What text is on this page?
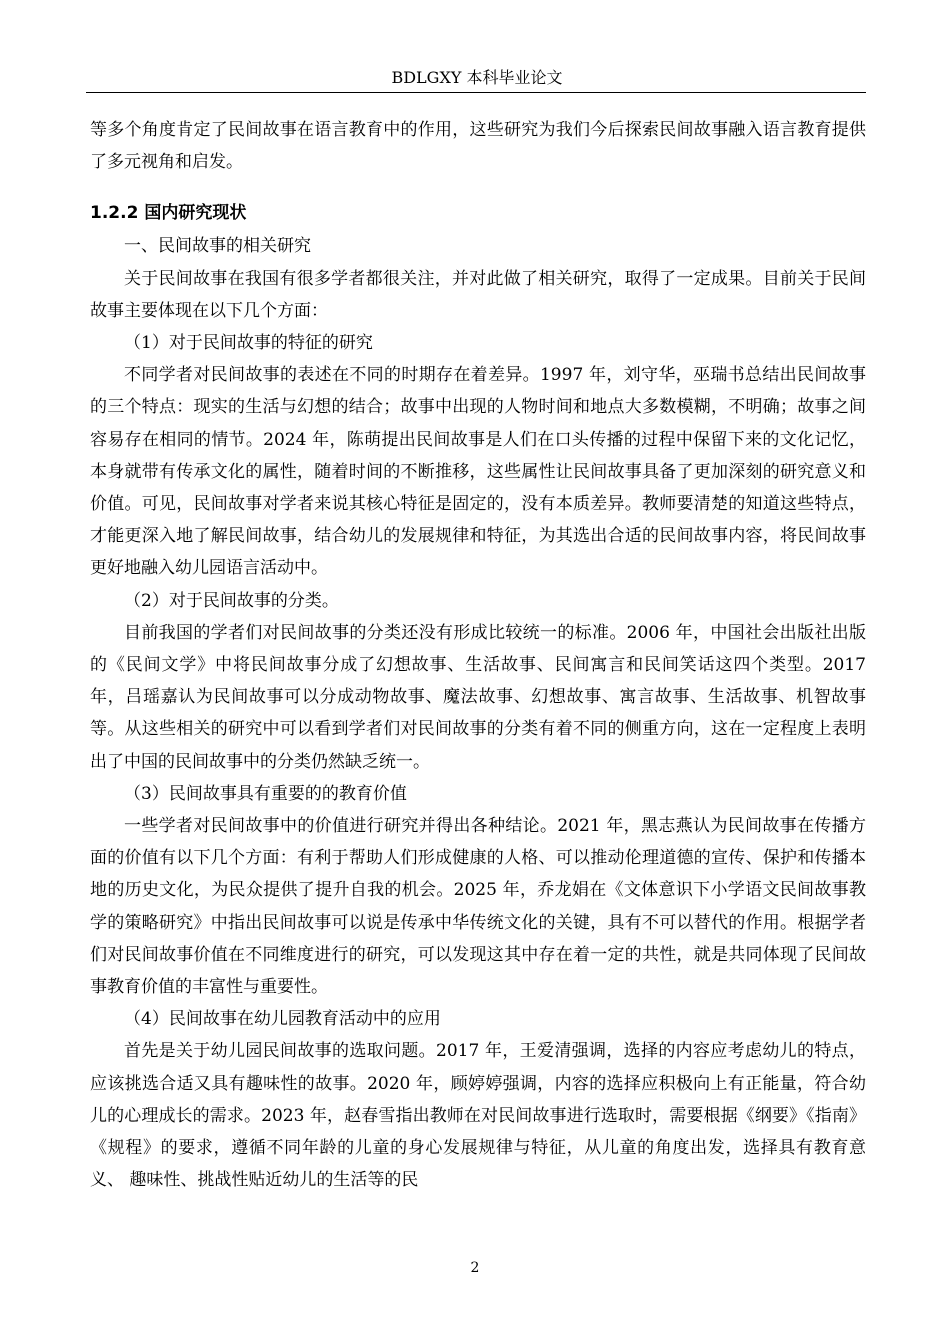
BDLGXY 本科毕业论文

等多个角度肯定了民间故事在语言教育中的作用，这些研究为我们今后探索民间故事融入语言教育提供了多元视角和启发。

1.2.2 国内研究现状

一、民间故事的相关研究

关于民间故事在我国有很多学者都很关注，并对此做了相关研究，取得了一定成果。目前关于民间故事主要体现在以下几个方面：

（1）对于民间故事的特征的研究

不同学者对民间故事的表述在不同的时期存在着差异。1997 年，刘守华，巫瑞书总结出民间故事的三个特点：现实的生活与幻想的结合；故事中出现的人物时间和地点大多数模糊，不明确；故事之间容易存在相同的情节。2024 年，陈萌提出民间故事是人们在口头传播的过程中保留下来的文化记忆，本身就带有传承文化的属性，随着时间的不断推移，这些属性让民间故事具备了更加深刻的研究意义和价值。可见，民间故事对学者来说其核心特征是固定的，没有本质差异。教师要清楚的知道这些特点，才能更深入地了解民间故事，结合幼儿的发展规律和特征，为其选出合适的民间故事内容，将民间故事更好地融入幼儿园语言活动中。

（2）对于民间故事的分类。

目前我国的学者们对民间故事的分类还没有形成比较统一的标准。2006 年，中国社会出版社出版的《民间文学》中将民间故事分成了幻想故事、生活故事、民间寓言和民间笑话这四个类型。2017 年，吕瑶嘉认为民间故事可以分成动物故事、魔法故事、幻想故事、寓言故事、生活故事、机智故事等。从这些相关的研究中可以看到学者们对民间故事的分类有着不同的侧重方向，这在一定程度上表明出了中国的民间故事中的分类仍然缺乏统一。

（3）民间故事具有重要的的教育价值

一些学者对民间故事中的价值进行研究并得出各种结论。2021 年，黑志燕认为民间故事在传播方面的价值有以下几个方面：有利于帮助人们形成健康的人格、可以推动伦理道德的宣传、保护和传播本地的历史文化，为民众提供了提升自我的机会。2025 年，乔龙娟在《文体意识下小学语文民间故事教学的策略研究》中指出民间故事可以说是传承中华传统文化的关键，具有不可以替代的作用。根据学者们对民间故事价值在不同维度进行的研究，可以发现这其中存在着一定的共性，就是共同体现了民间故事教育价值的丰富性与重要性。

（4）民间故事在幼儿园教育活动中的应用

首先是关于幼儿园民间故事的选取问题。2017 年，王爱清强调，选择的内容应考虑幼儿的特点，应该挑选合适又具有趣味性的故事。2020 年，顾婷婷强调，内容的选择应积极向上有正能量，符合幼儿的心理成长的需求。2023 年，赵春雪指出教师在对民间故事进行选取时，需要根据《纲要》《指南》《规程》的要求，遵循不同年龄的儿童的身心发展规律与特征，从儿童的角度出发，选择具有教育意义、 趣味性、挑战性贴近幼儿的生活等的民

2
